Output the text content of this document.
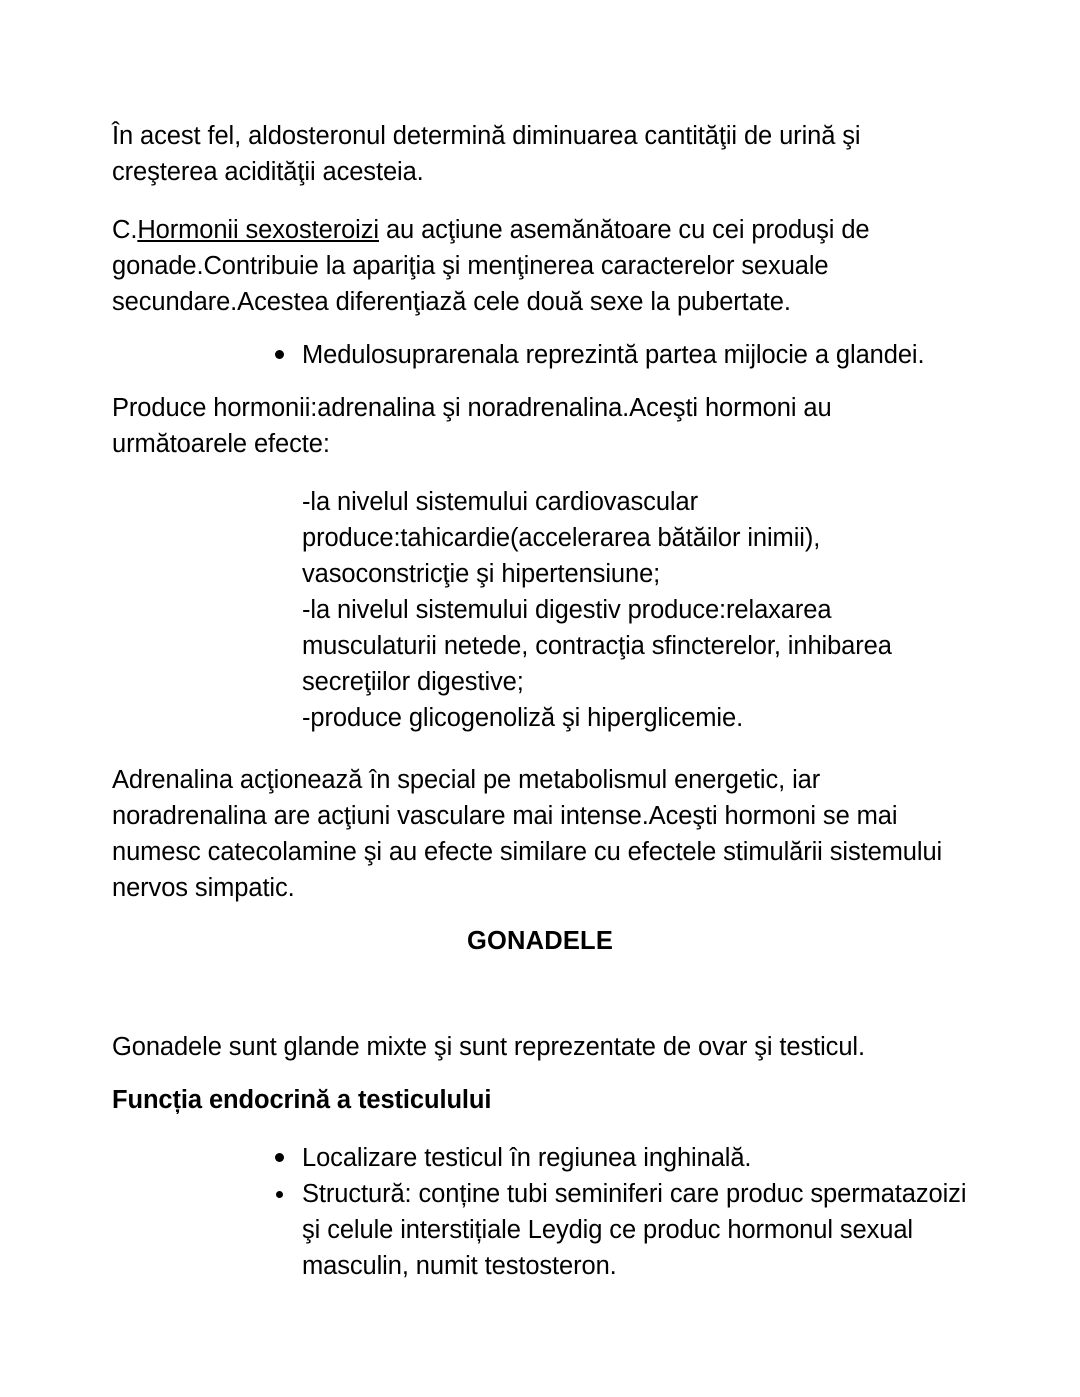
În acest fel, aldosteronul determină diminuarea cantităţii de urină şi creşterea acidităţii acesteia.

C.Hormonii sexosteroizi au acţiune asemănătoare cu cei produşi de gonade.Contribuie la apariţia şi menţinerea caracterelor sexuale secundare.Acestea diferenţiază cele două sexe la pubertate.

Medulosuprarenala reprezintă partea mijlocie a glandei.

Produce hormonii:adrenalina şi noradrenalina.Aceşti hormoni au următoarele efecte:

-la nivelul sistemului cardiovascular produce:tahicardie(accelerarea bătăilor inimii), vasoconstricţie şi hipertensiune;
-la nivelul sistemului digestiv produce:relaxarea musculaturii netede, contracţia sfincterelor, inhibarea secreţiilor digestive;
-produce glicogenoliză şi hiperglicemie.

Adrenalina acţionează în special pe metabolismul energetic, iar noradrenalina are acţiuni vasculare mai intense.Aceşti hormoni se mai numesc catecolamine şi au efecte similare cu efectele stimulării sistemului nervos simpatic.

GONADELE

Gonadele sunt glande mixte şi sunt reprezentate de ovar şi testicul.

Funcția endocrină a testiculului
Localizare testicul în regiunea inghinală.
Structură: conține tubi seminiferi care produc spermatazoizi şi celule interstițiale Leydig ce produc hormonul sexual masculin, numit testosteron.
